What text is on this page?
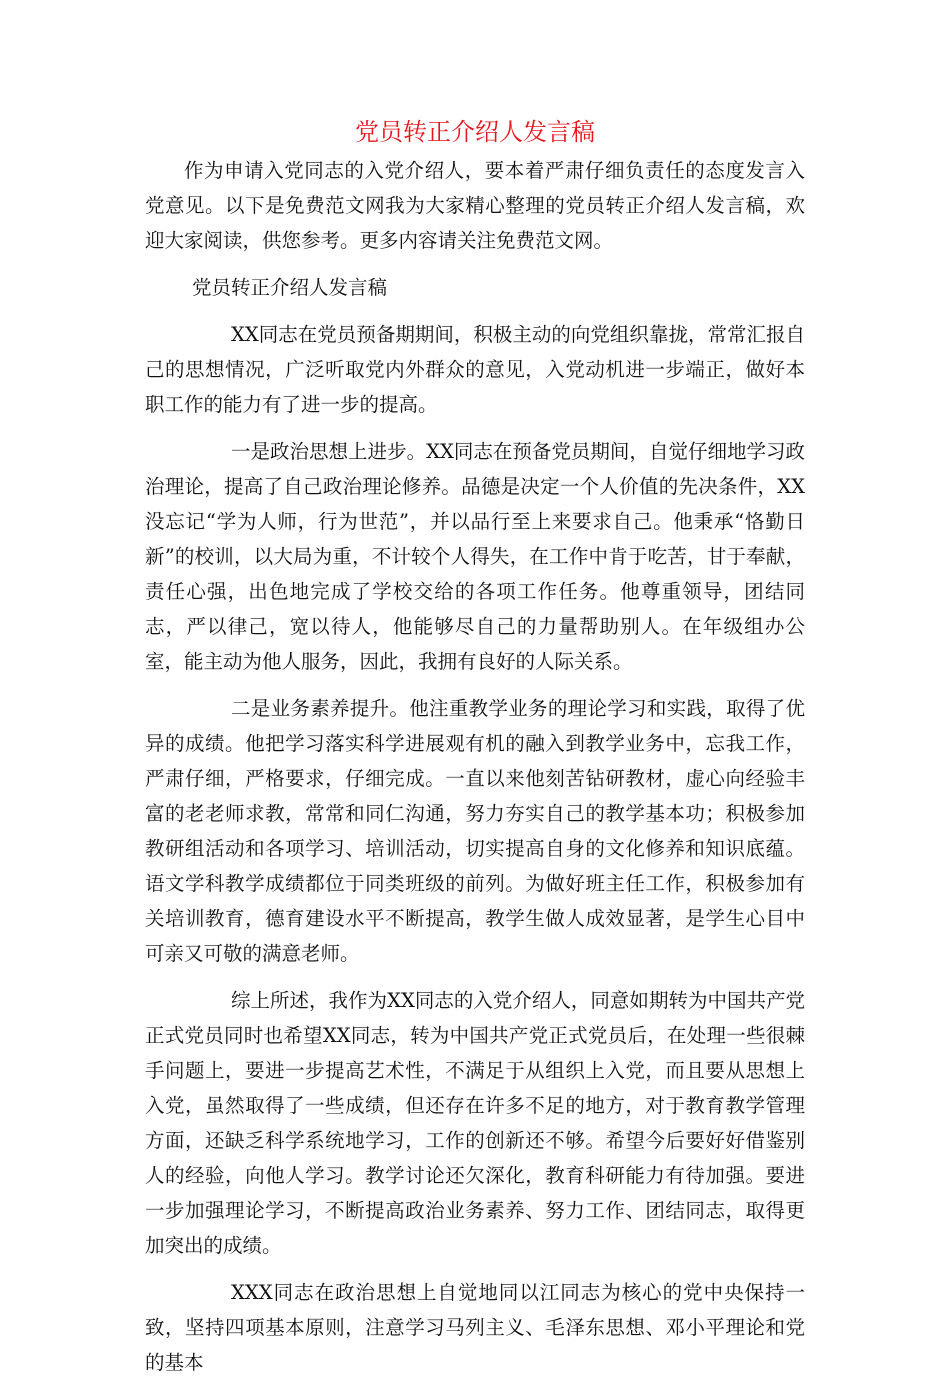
党员转正介绍人发言稿

作为申请入党同志的入党介绍人，要本着严肃仔细负责任的态度发言入党意见。以下是免费范文网我为大家精心整理的党员转正介绍人发言稿，欢迎大家阅读，供您参考。更多内容请关注免费范文网。

党员转正介绍人发言稿

XX同志在党员预备期期间，积极主动的向党组织靠拢，常常汇报自己的思想情况，广泛听取党内外群众的意见，入党动机进一步端正，做好本职工作的能力有了进一步的提高。

一是政治思想上进步。XX同志在预备党员期间，自觉仔细地学习政治理论，提高了自己政治理论修养。品德是决定一个人价值的先决条件，XX没忘记“学为人师，行为世范”，并以品行至上来要求自己。他秉承“恪勤日新”的校训，以大局为重，不计较个人得失，在工作中肯于吃苦，甘于奉献，责任心强，出色地完成了学校交给的各项工作任务。他尊重领导，团结同志，严以律己，宽以待人，他能够尽自己的力量帮助别人。在年级组办公室，能主动为他人服务，因此，我拥有良好的人际关系。

二是业务素养提升。他注重教学业务的理论学习和实践，取得了优异的成绩。他把学习落实科学进展观有机的融入到教学业务中，忘我工作，严肃仔细，严格要求，仔细完成。一直以来他刻苦钻研教材，虚心向经验丰富的老老师求教，常常和同仁沟通，努力夯实自己的教学基本功；积极参加教研组活动和各项学习、培训活动，切实提高自身的文化修养和知识底蕴。语文学科教学成绩都位于同类班级的前列。为做好班主任工作，积极参加有关培训教育，德育建设水平不断提高，教学生做人成效显著，是学生心目中可亲又可敬的满意老师。

综上所述，我作为XX同志的入党介绍人，同意如期转为中国共产党正式党员同时也希望XX同志，转为中国共产党正式党员后，在处理一些很棘手问题上，要进一步提高艺术性，不满足于从组织上入党，而且要从思想上入党，虽然取得了一些成绩，但还存在许多不足的地方，对于教育教学管理方面，还缺乏科学系统地学习，工作的创新还不够。希望今后要好好借鉴别人的经验，向他人学习。教学讨论还欠深化，教育科研能力有待加强。要进一步加强理论学习，不断提高政治业务素养、努力工作、团结同志，取得更加突出的成绩。

XXX同志在政治思想上自觉地同以江同志为核心的党中央保持一致，坚持四项基本原则，注意学习马列主义、毛泽东思想、邓小平理论和党的基本
